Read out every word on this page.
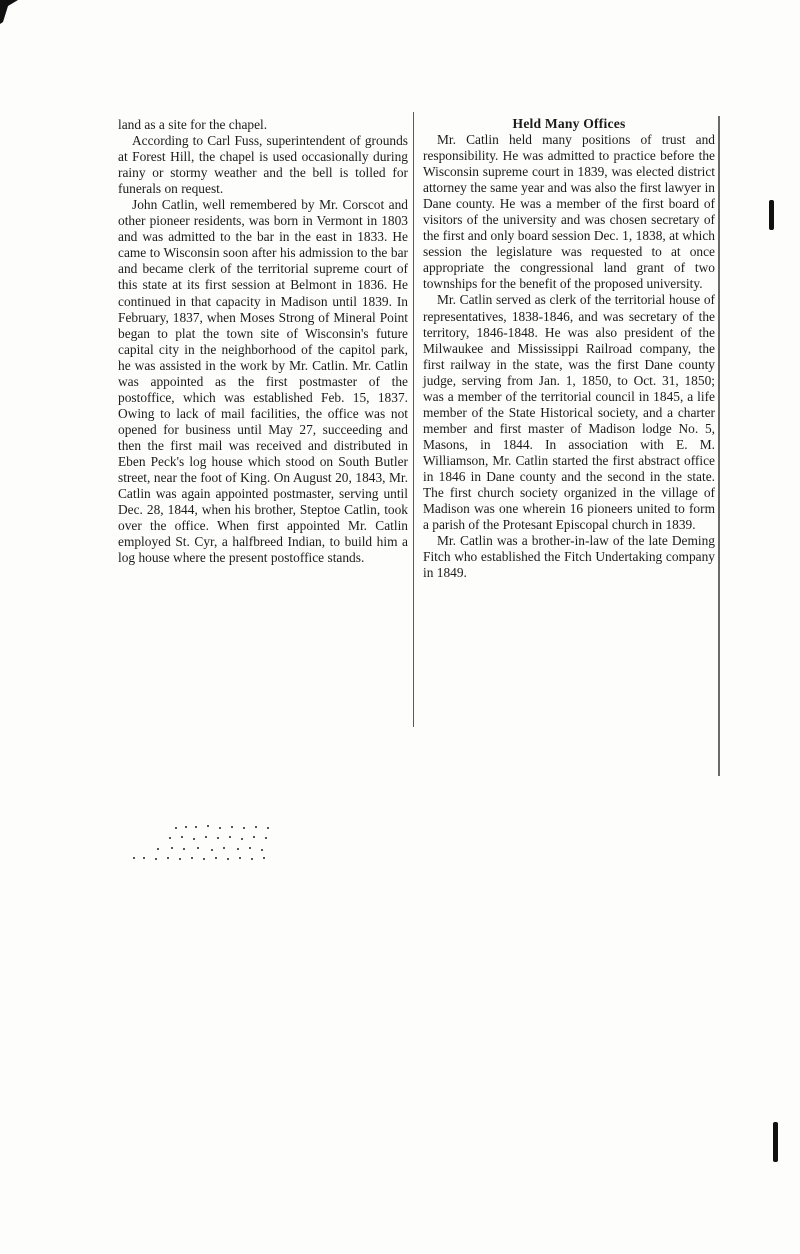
land as a site for the chapel.

According to Carl Fuss, superintendent of grounds at Forest Hill, the chapel is used occasionally during rainy or stormy weather and the bell is tolled for funerals on request.

John Catlin, well remembered by Mr. Corscot and other pioneer residents, was born in Vermont in 1803 and was admitted to the bar in the east in 1833. He came to Wisconsin soon after his admission to the bar and became clerk of the territorial supreme court of this state at its first session at Belmont in 1836. He continued in that capacity in Madison until 1839. In February, 1837, when Moses Strong of Mineral Point began to plat the town site of Wisconsin's future capital city in the neighborhood of the capitol park, he was assisted in the work by Mr. Catlin. Mr. Catlin was appointed as the first postmaster of the postoffice, which was established Feb. 15, 1837. Owing to lack of mail facilities, the office was not opened for business until May 27, succeeding and then the first mail was received and distributed in Eben Peck's log house which stood on South Butler street, near the foot of King. On August 20, 1843, Mr. Catlin was again appointed postmaster, serving until Dec. 28, 1844, when his brother, Steptoe Catlin, took over the office. When first appointed Mr. Catlin employed St. Cyr, a halfbreed Indian, to build him a log house where the present postoffice stands.

Held Many Offices

Mr. Catlin held many positions of trust and responsibility. He was admitted to practice before the Wisconsin supreme court in 1839, was elected district attorney the same year and was also the first lawyer in Dane county. He was a member of the first board of visitors of the university and was chosen secretary of the first and only board session Dec. 1, 1838, at which session the legislature was requested to at once appropriate the congressional land grant of two townships for the benefit of the proposed university.

Mr. Catlin served as clerk of the territorial house of representatives, 1838-1846, and was secretary of the territory, 1846-1848. He was also president of the Milwaukee and Mississippi Railroad company, the first railway in the state, was the first Dane county judge, serving from Jan. 1, 1850, to Oct. 31, 1850; was a member of the territorial council in 1845, a life member of the State Historical society, and a charter member and first master of Madison lodge No. 5, Masons, in 1844. In association with E. M. Williamson, Mr. Catlin started the first abstract office in 1846 in Dane county and the second in the state. The first church society organized in the village of Madison was one wherein 16 pioneers united to form a parish of the Protesant Episcopal church in 1839.

Mr. Catlin was a brother-in-law of the late Deming Fitch who established the Fitch Undertaking company in 1849.
